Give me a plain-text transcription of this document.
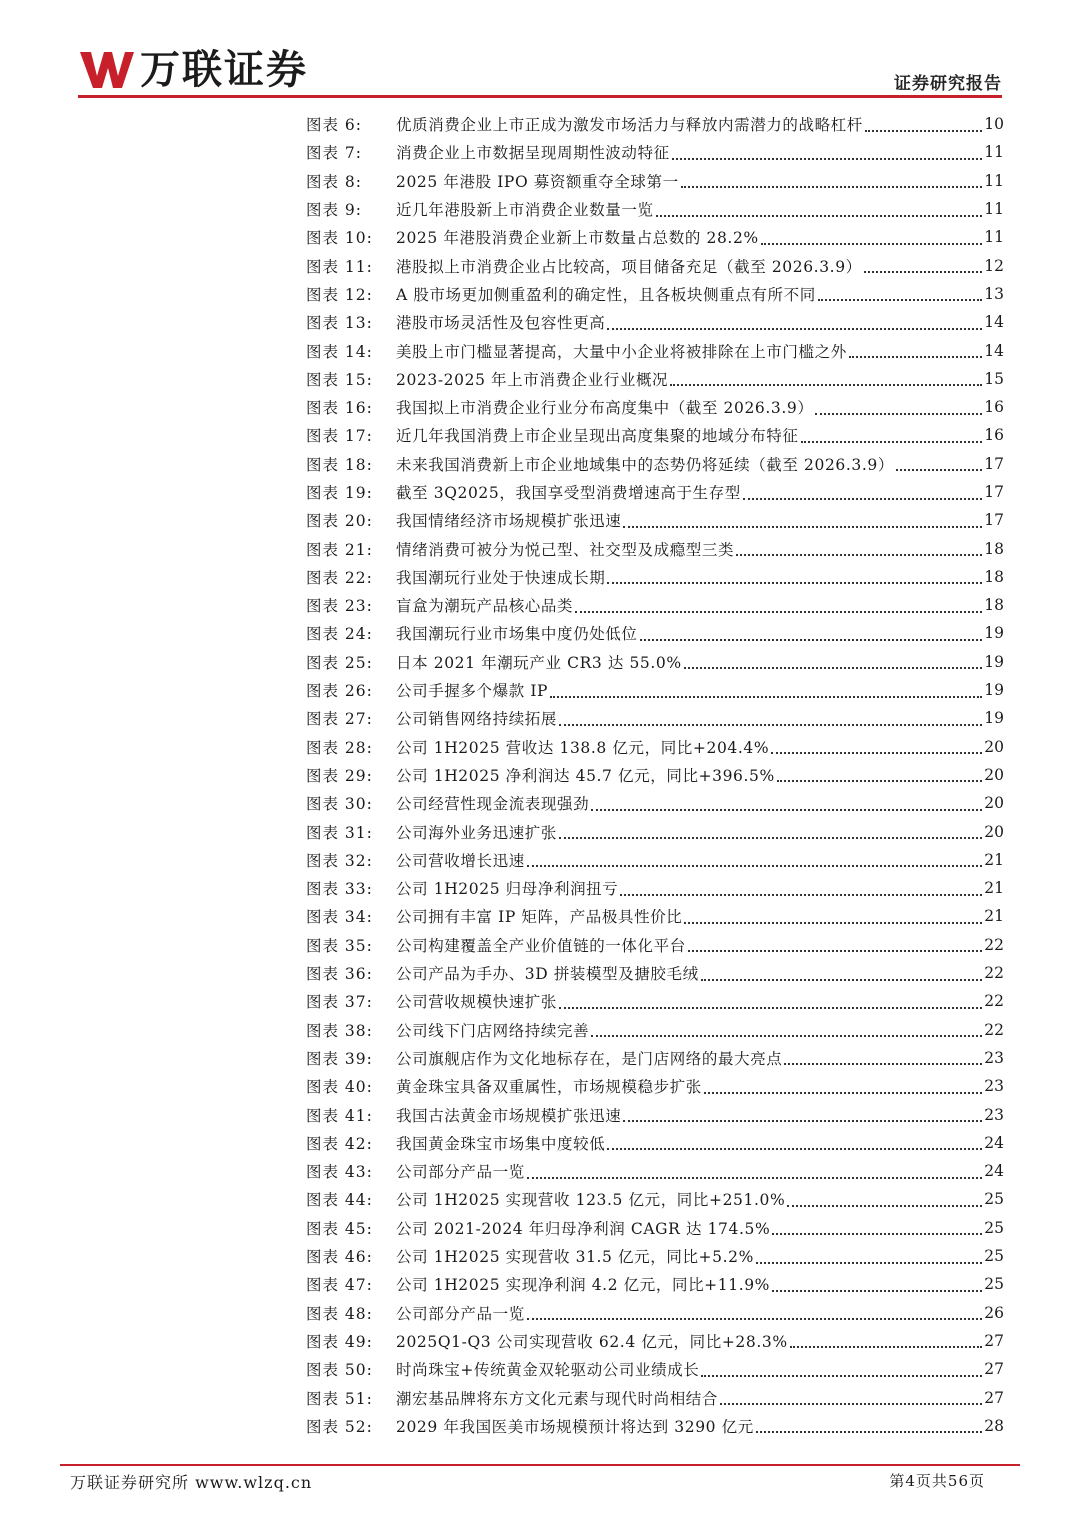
万联证券	证券研究报告
图表 6:	优质消费企业上市正成为激发市场活力与释放内需潜力的战略杠杆	10
图表 7:	消费企业上市数据呈现周期性波动特征	11
图表 8:	2025 年港股 IPO 募资额重夺全球第一	11
图表 9:	近几年港股新上市消费企业数量一览	11
图表 10:	2025 年港股消费企业新上市数量占总数的 28.2%	11
图表 11:	港股拟上市消费企业占比较高，项目储备充足（截至 2026.3.9）	12
图表 12:	A 股市场更加侧重盈利的确定性，且各板块侧重点有所不同	13
图表 13:	港股市场灵活性及包容性更高	14
图表 14:	美股上市门槛显著提高，大量中小企业将被排除在上市门槛之外	14
图表 15:	2023-2025 年上市消费企业行业概况	15
图表 16:	我国拟上市消费企业行业分布高度集中（截至 2026.3.9）	16
图表 17:	近几年我国消费上市企业呈现出高度集聚的地域分布特征	16
图表 18:	未来我国消费新上市企业地域集中的态势仍将延续（截至 2026.3.9）	17
图表 19:	截至 3Q2025，我国享受型消费增速高于生存型	17
图表 20:	我国情绪经济市场规模扩张迅速	17
图表 21:	情绪消费可被分为悦己型、社交型及成瘾型三类	18
图表 22:	我国潮玩行业处于快速成长期	18
图表 23:	盲盒为潮玩产品核心品类	18
图表 24:	我国潮玩行业市场集中度仍处低位	19
图表 25:	日本 2021 年潮玩产业 CR3 达 55.0%	19
图表 26:	公司手握多个爆款 IP	19
图表 27:	公司销售网络持续拓展	19
图表 28:	公司 1H2025 营收达 138.8 亿元，同比+204.4%	20
图表 29:	公司 1H2025 净利润达 45.7 亿元，同比+396.5%	20
图表 30:	公司经营性现金流表现强劲	20
图表 31:	公司海外业务迅速扩张	20
图表 32:	公司营收增长迅速	21
图表 33:	公司 1H2025 归母净利润扭亏	21
图表 34:	公司拥有丰富 IP 矩阵，产品极具性价比	21
图表 35:	公司构建覆盖全产业价值链的一体化平台	22
图表 36:	公司产品为手办、3D 拼装模型及搪胶毛绒	22
图表 37:	公司营收规模快速扩张	22
图表 38:	公司线下门店网络持续完善	22
图表 39:	公司旗舰店作为文化地标存在，是门店网络的最大亮点	23
图表 40:	黄金珠宝具备双重属性，市场规模稳步扩张	23
图表 41:	我国古法黄金市场规模扩张迅速	23
图表 42:	我国黄金珠宝市场集中度较低	24
图表 43:	公司部分产品一览	24
图表 44:	公司 1H2025 实现营收 123.5 亿元，同比+251.0%	25
图表 45:	公司 2021-2024 年归母净利润 CAGR 达 174.5%	25
图表 46:	公司 1H2025 实现营收 31.5 亿元，同比+5.2%	25
图表 47:	公司 1H2025 实现净利润 4.2 亿元，同比+11.9%	25
图表 48:	公司部分产品一览	26
图表 49:	2025Q1-Q3 公司实现营收 62.4 亿元，同比+28.3%	27
图表 50:	时尚珠宝+传统黄金双轮驱动公司业绩成长	27
图表 51:	潮宏基品牌将东方文化元素与现代时尚相结合	27
图表 52:	2029 年我国医美市场规模预计将达到 3290 亿元	28
万联证券研究所 www.wlzq.cn	第4页共56页
